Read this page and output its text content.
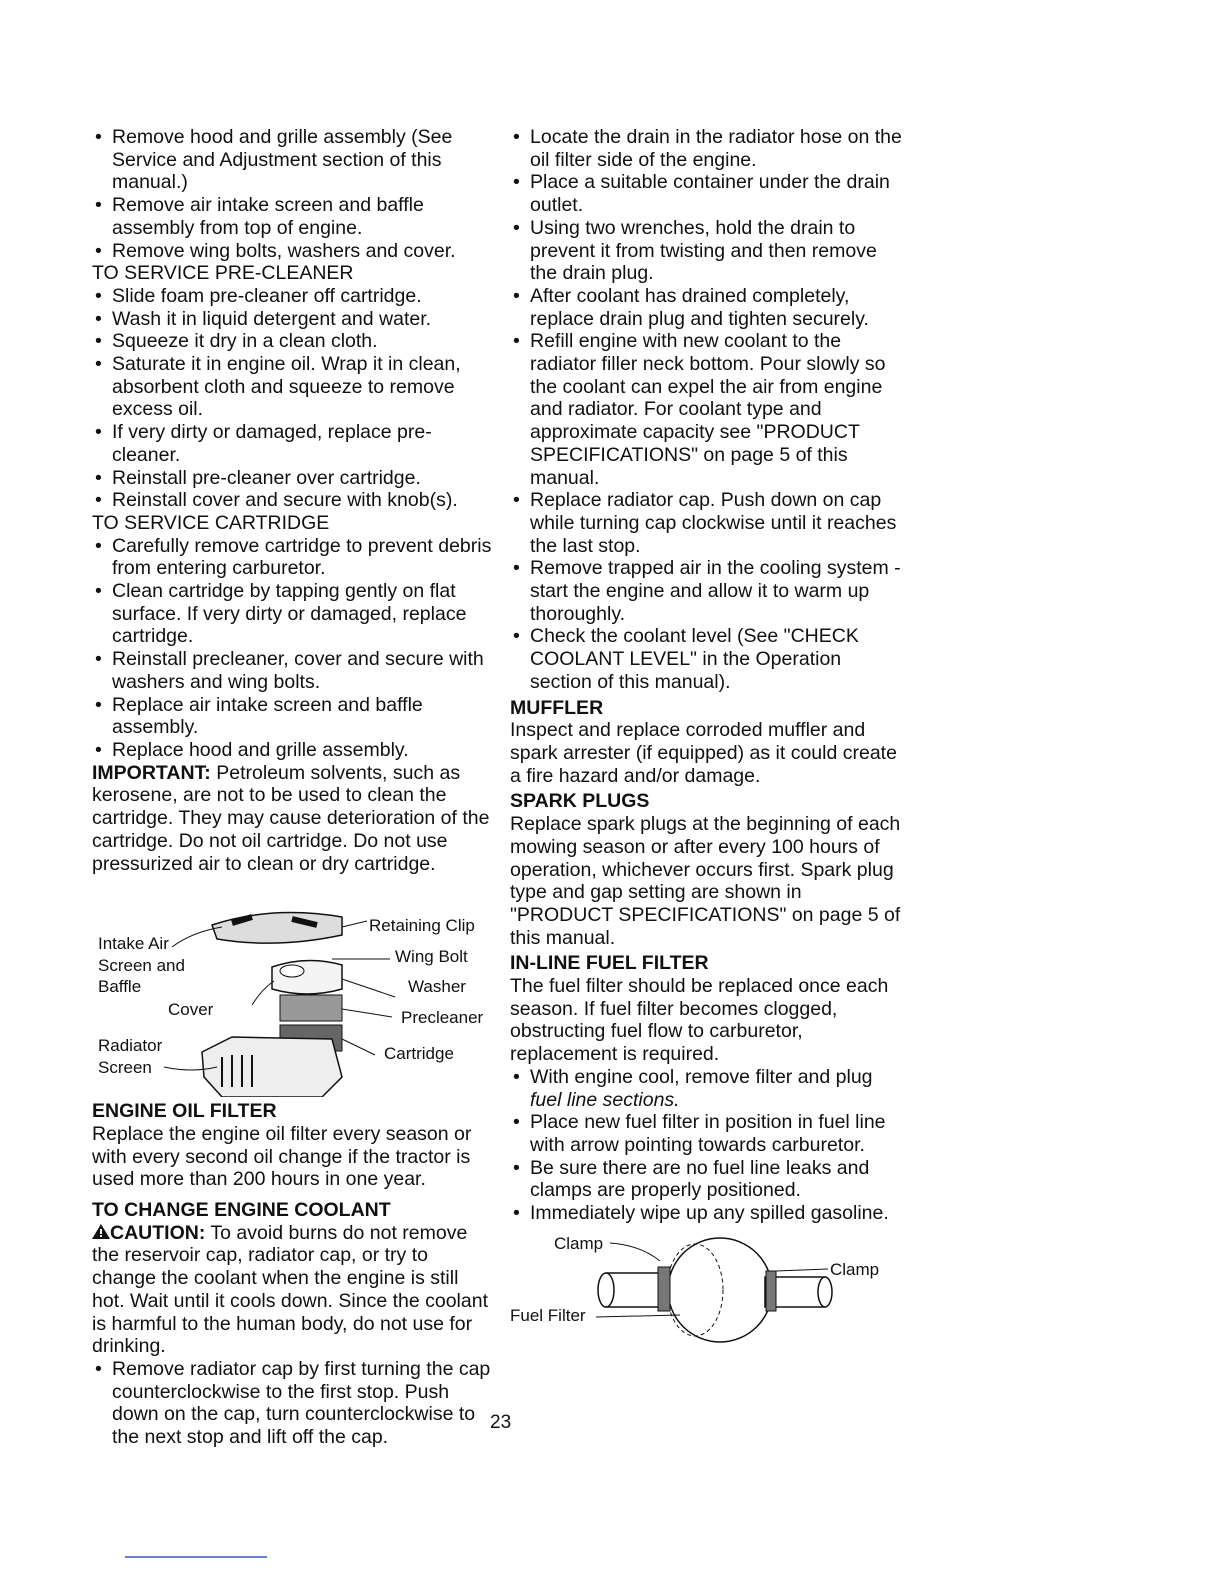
• Remove hood and grille assembly (See Service and Adjustment section of this manual.)
• Remove air intake screen and baffle assembly from top of engine.
• Remove wing bolts, washers and cover.
TO SERVICE PRE-CLEANER
• Slide foam pre-cleaner off cartridge.
• Wash it in liquid detergent and water.
• Squeeze it dry in a clean cloth.
• Saturate it in engine oil. Wrap it in clean, absorbent cloth and squeeze to remove excess oil.
• If very dirty or damaged, replace pre-cleaner.
• Reinstall pre-cleaner over cartridge.
• Reinstall cover and secure with knob(s).
TO SERVICE CARTRIDGE
• Carefully remove cartridge to prevent debris from entering carburetor.
• Clean cartridge by tapping gently on flat surface. If very dirty or damaged, replace cartridge.
• Reinstall precleaner, cover and secure with washers and wing bolts.
• Replace air intake screen and baffle assembly.
• Replace hood and grille assembly.

IMPORTANT: Petroleum solvents, such as kerosene, are not to be used to clean the cartridge. They may cause deterioration of the cartridge. Do not oil cartridge. Do not use pressurized air to clean or dry cartridge.

Intake Air
Screen and
Baffle
Cover
Radiator
Screen
Retaining Clip
Wing Bolt
Washer
Precleaner
Cartridge
ENGINE OIL FILTER

Replace the engine oil filter every season or with every second oil change if the tractor is used more than 200 hours in one year.

TO CHANGE ENGINE COOLANT

CAUTION: To avoid burns do not remove the reservoir cap, radiator cap, or try to change the coolant when the engine is still hot. Wait until it cools down. Since the coolant is harmful to the human body, do not use for drinking.

• Remove radiator cap by first turning the cap counterclockwise to the first stop. Push down on the cap, turn counterclockwise to the next stop and lift off the cap.
• Locate the drain in the radiator hose on the oil filter side of the engine.
• Place a suitable container under the drain outlet.
• Using two wrenches, hold the drain to prevent it from twisting and then remove the drain plug.
• After coolant has drained completely, replace drain plug and tighten securely.
• Refill engine with new coolant to the radiator filler neck bottom. Pour slowly so the coolant can expel the air from engine and radiator. For coolant type and approximate capacity see "PRODUCT SPECIFICATIONS" on page 5 of this manual.
• Replace radiator cap. Push down on cap while turning cap clockwise until it reaches the last stop.
• Remove trapped air in the cooling system - start the engine and allow it to warm up thoroughly.
• Check the coolant level (See "CHECK COOLANT LEVEL" in the Operation section of this manual).
MUFFLER

Inspect and replace corroded muffler and spark arrester (if equipped) as it could create a fire hazard and/or damage.

SPARK PLUGS

Replace spark plugs at the beginning of each mowing season or after every 100 hours of operation, whichever occurs first. Spark plug type and gap setting are shown in "PRODUCT SPECIFICATIONS" on page 5 of this manual.

IN-LINE FUEL FILTER

The fuel filter should be replaced once each season. If fuel filter becomes clogged, obstructing fuel flow to carburetor, replacement is required.

• With engine cool, remove filter and plug fuel line sections.
• Place new fuel filter in position in fuel line with arrow pointing towards carburetor.
• Be sure there are no fuel line leaks and clamps are properly positioned.
• Immediately wipe up any spilled gasoline.
Clamp
Clamp
Fuel Filter
23
